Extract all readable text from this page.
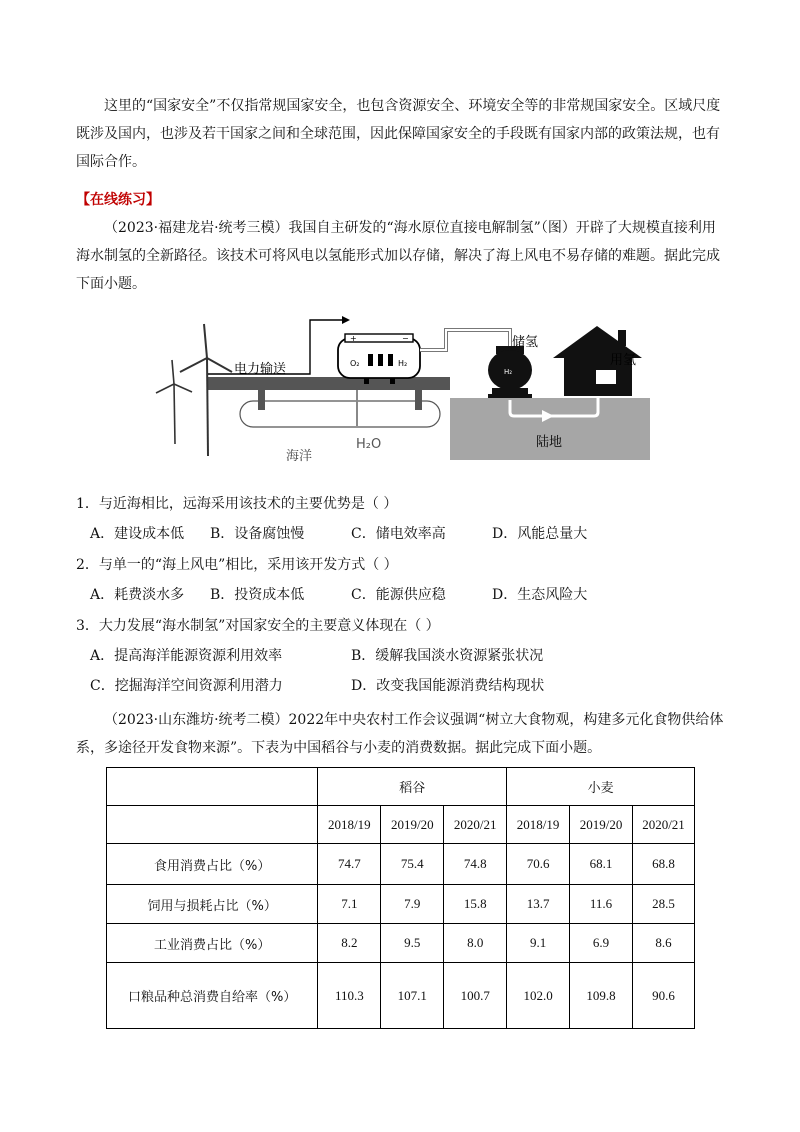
这里的“国家安全”不仅指常规国家安全，也包含资源安全、环境安全等的非常规国家安全。区域尺度既涉及国内，也涉及若干国家之间和全球范围，因此保障国家安全的手段既有国家内部的政策法规，也有国际合作。

【在线练习】

（2023·福建龙岩·统考三模）我国自主研发的“海水原位直接电解制氢”（图）开辟了大规模直接利用海水制氢的全新路径。该技术可将风电以氢能形式加以存储，解决了海上风电不易存储的难题。据此完成下面小题。

电力输送
海洋
H₂O
储氢
用氢
陆地
O₂	H₂
H₂
+	−
1．与近海相比，远海采用该技术的主要优势是（ ）
A．建设成本低 B．设备腐蚀慢	C．储电效率高	D．风能总量大
2．与单一的“海上风电”相比，采用该开发方式（ ）
A．耗费淡水多 B．投资成本低	C．能源供应稳	D．生态风险大
3．大力发展“海水制氢”对国家安全的主要意义体现在（ ）
A．提高海洋能源资源利用效率	B．缓解我国淡水资源紧张状况
C．挖掘海洋空间资源利用潜力	D．改变我国能源消费结构现状

（2023·山东潍坊·统考二模）2022年中央农村工作会议强调“树立大食物观，构建多元化食物供给体系，多途径开发食物来源”。下表为中国稻谷与小麦的消费数据。据此完成下面小题。

	稻谷			小麦		
	2018/19	2019/20	2020/21	2018/19	2019/20	2020/21
食用消费占比（%）	74.7	75.4	74.8	70.6	68.1	68.8
饲用与损耗占比（%）	7.1	7.9	15.8	13.7	11.6	28.5
工业消费占比（%）	8.2	9.5	8.0	9.1	6.9	8.6
口粮品种总消费自给率（%）	110.3	107.1	100.7	102.0	109.8	90.6
